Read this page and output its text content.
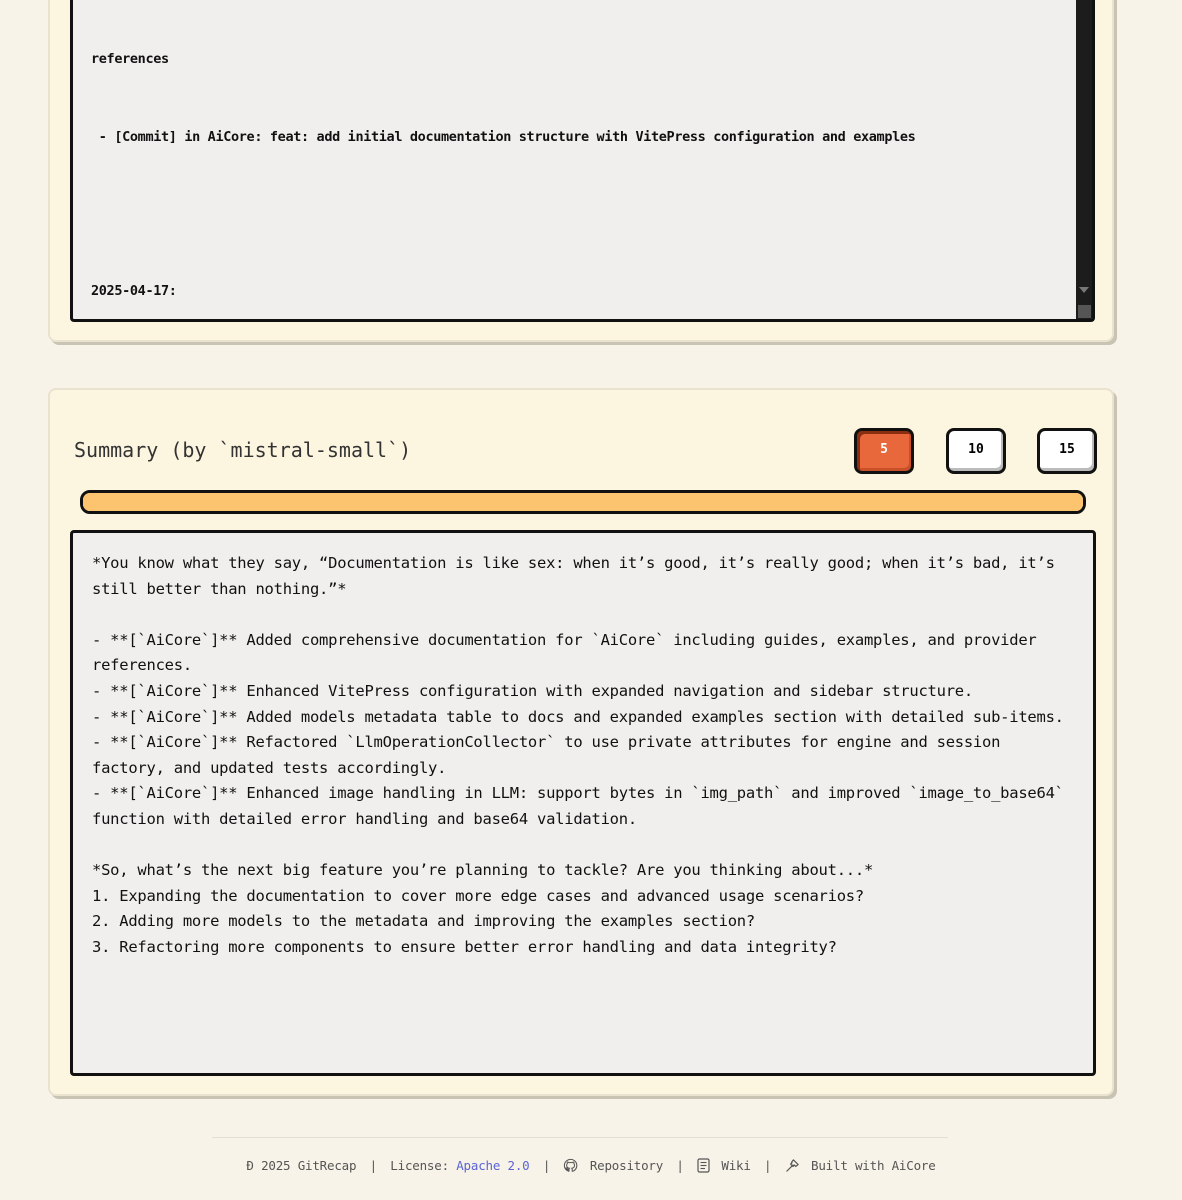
references

- [Commit] in AiCore: feat: add initial documentation structure with VitePress configuration and examples

2025-04-17:

Summary (by `mistral-small`)	5	10	15

*You know what they say, “Documentation is like sex: when it’s good, it’s really good; when it’s bad, it’s still better than nothing.”*

- **[`AiCore`]** Added comprehensive documentation for `AiCore` including guides, examples, and provider references.

- **[`AiCore`]** Enhanced VitePress configuration with expanded navigation and sidebar structure.

- **[`AiCore`]** Added models metadata table to docs and expanded examples section with detailed sub-items.

- **[`AiCore`]** Refactored `LlmOperationCollector` to use private attributes for engine and session factory, and updated tests accordingly.

- **[`AiCore`]** Enhanced image handling in LLM: support bytes in `img_path` and improved `image_to_base64` function with detailed error handling and base64 validation.

*So, what’s the next big feature you’re planning to tackle? Are you thinking about...*

1. Expanding the documentation to cover more edge cases and advanced usage scenarios?

2. Adding more models to the metadata and improving the examples section?

3. Refactoring more components to ensure better error handling and data integrity?

Ð 2025 GitRecap | License: Apache 2.0 |	Repository |	Wiki |	Built with AiCore
